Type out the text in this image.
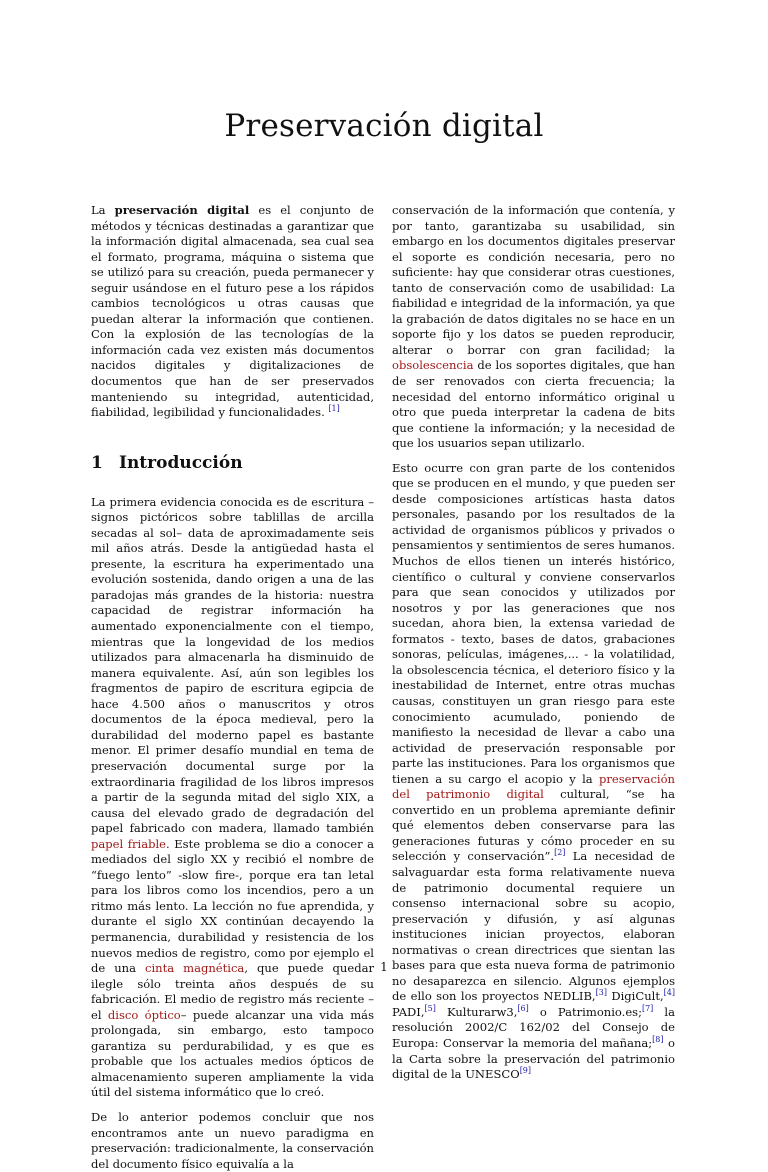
Preservación digital

La preservación digital es el conjunto de métodos y técnicas destinadas a garantizar que la información digital almacenada, sea cual sea el formato, programa, máquina o sistema que se utilizó para su creación, pueda permanecer y seguir usándose en el futuro pese a los rápidos cambios tecnológicos u otras causas que puedan alterar la información que contienen. Con la explosión de las tecnologías de la información cada vez existen más documentos nacidos digitales y digitalizaciones de documentos que han de ser preservados manteniendo su integridad, autenticidad, fiabilidad, legibilidad y funcionalidades. [1]

1 Introducción

La primera evidencia conocida es de escritura –signos pictóricos sobre tablillas de arcilla secadas al sol– data de aproximadamente seis mil años atrás. Desde la antigüedad hasta el presente, la escritura ha experimentado una evolución sostenida, dando origen a una de las paradojas más grandes de la historia: nuestra capacidad de registrar información ha aumentado exponencialmente con el tiempo, mientras que la longevidad de los medios utilizados para almacenarla ha disminuido de manera equivalente. Así, aún son legibles los fragmentos de papiro de escritura egipcia de hace 4.500 años o manuscritos y otros documentos de la época medieval, pero la durabilidad del moderno papel es bastante menor. El primer desafío mundial en tema de preservación documental surge por la extraordinaria fragilidad de los libros impresos a partir de la segunda mitad del siglo XIX, a causa del elevado grado de degradación del papel fabricado con madera, llamado también papel friable. Este problema se dio a conocer a mediados del siglo XX y recibió el nombre de “fuego lento” -slow fire-, porque era tan letal para los libros como los incendios, pero a un ritmo más lento. La lección no fue aprendida, y durante el siglo XX continúan decayendo la permanencia, durabilidad y resistencia de los nuevos medios de registro, como por ejemplo el de una cinta magnética, que puede quedar ilegle sólo treinta años después de su fabricación. El medio de registro más reciente – el disco óptico– puede alcanzar una vida más prolongada, sin embargo, esto tampoco garantiza su perdurabilidad, y es que es probable que los actuales medios ópticos de almacenamiento superen ampliamente la vida útil del sistema informático que lo creó.

De lo anterior podemos concluir que nos encontramos ante un nuevo paradigma en preservación: tradicionalmente, la conservación del documento físico equivalía a la

conservación de la información que contenía, y por tanto, garantizaba su usabilidad, sin embargo en los documentos digitales preservar el soporte es condición necesaria, pero no suficiente: hay que considerar otras cuestiones, tanto de conservación como de usabilidad: La fiabilidad e integridad de la información, ya que la grabación de datos digitales no se hace en un soporte fijo y los datos se pueden reproducir, alterar o borrar con gran facilidad; la obsolescencia de los soportes digitales, que han de ser renovados con cierta frecuencia; la necesidad del entorno informático original u otro que pueda interpretar la cadena de bits que contiene la información; y la necesidad de que los usuarios sepan utilizarlo.

Esto ocurre con gran parte de los contenidos que se producen en el mundo, y que pueden ser desde composiciones artísticas hasta datos personales, pasando por los resultados de la actividad de organismos públicos y privados o pensamientos y sentimientos de seres humanos. Muchos de ellos tienen un interés histórico, científico o cultural y conviene conservarlos para que sean conocidos y utilizados por nosotros y por las generaciones que nos sucedan, ahora bien, la extensa variedad de formatos - texto, bases de datos, grabaciones sonoras, películas, imágenes,... - la volatilidad, la obsolescencia técnica, el deterioro físico y la inestabilidad de Internet, entre otras muchas causas, constituyen un gran riesgo para este conocimiento acumulado, poniendo de manifiesto la necesidad de llevar a cabo una actividad de preservación responsable por parte las instituciones. Para los organismos que tienen a su cargo el acopio y la preservación del patrimonio digital cultural, “se ha convertido en un problema apremiante definir qué elementos deben conservarse para las generaciones futuras y cómo proceder en su selección y conservación”.[2] La necesidad de salvaguardar esta forma relativamente nueva de patrimonio documental requiere un consenso internacional sobre su acopio, preservación y difusión, y así algunas instituciones inician proyectos, elaboran normativas o crean directrices que sientan las bases para que esta nueva forma de patrimonio no desaparezca en silencio. Algunos ejemplos de ello son los proyectos NEDLIB,[3] DigiCult,[4] PADI,[5] Kulturarw3,[6] o Patrimonio.es;[7] la resolución 2002/C 162/02 del Consejo de Europa: Conservar la memoria del mañana;[8] o la Carta sobre la preservación del patrimonio digital de la UNESCO[9]

1
